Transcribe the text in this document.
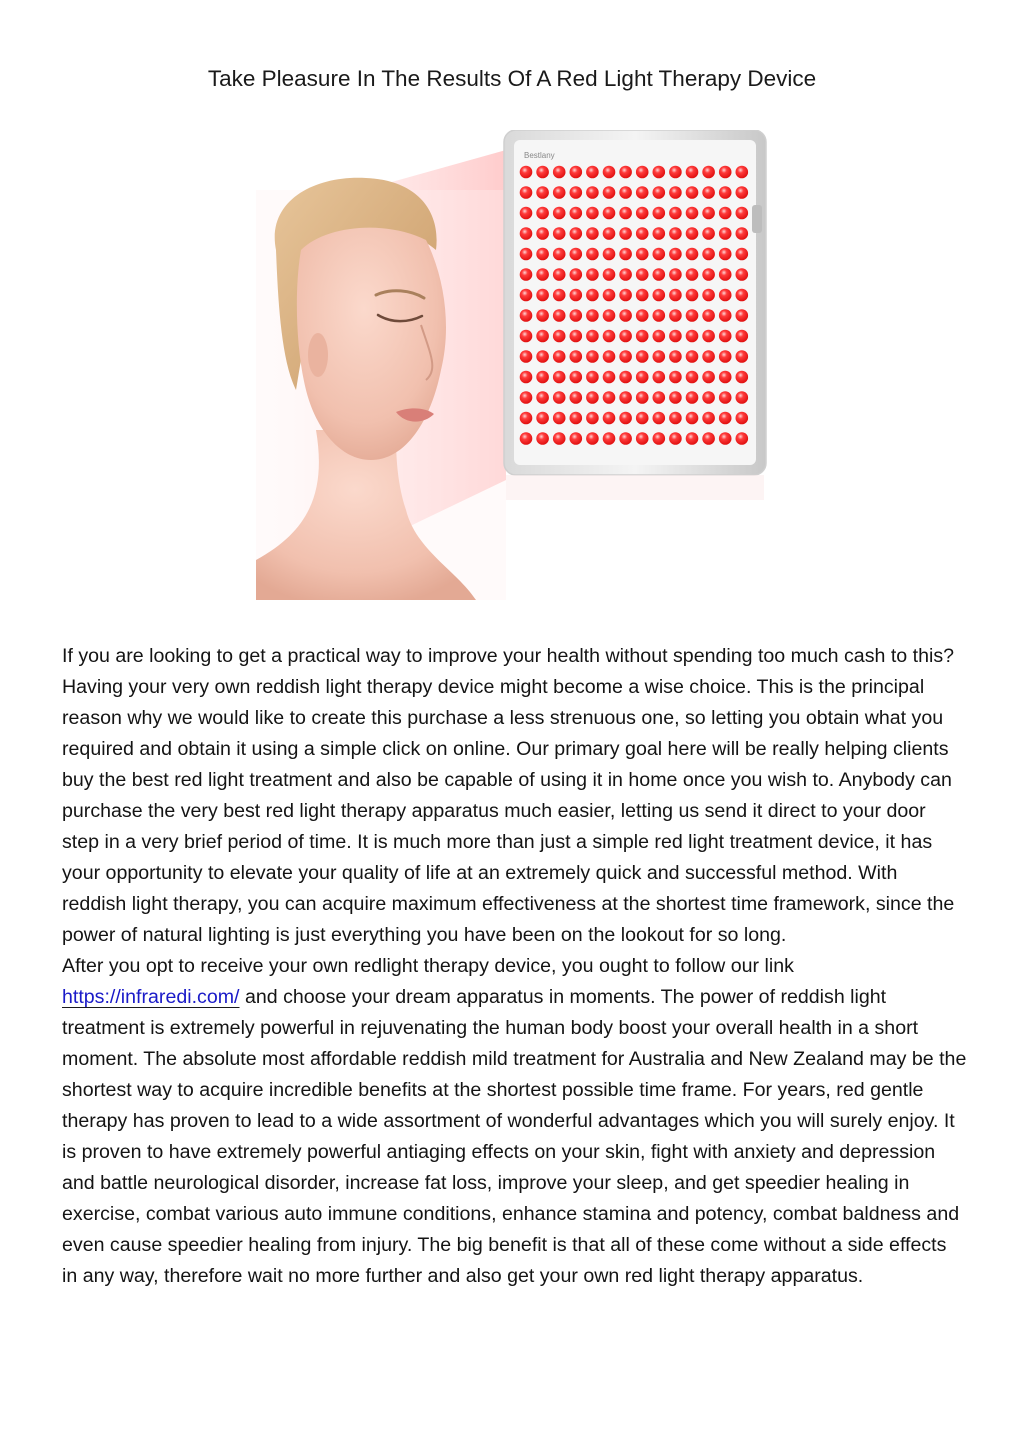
Take Pleasure In The Results Of A Red Light Therapy Device
Bestlany

If you are looking to get a practical way to improve your health without spending too much cash to this? Having your very own reddish light therapy device might become a wise choice. This is the principal reason why we would like to create this purchase a less strenuous one, so letting you obtain what you required and obtain it using a simple click on online. Our primary goal here will be really helping clients buy the best red light treatment and also be capable of using it in home once you wish to. Anybody can purchase the very best red light therapy apparatus much easier, letting us send it direct to your door step in a very brief period of time. It is much more than just a simple red light treatment device, it has your opportunity to elevate your quality of life at an extremely quick and successful method. With reddish light therapy, you can acquire maximum effectiveness at the shortest time framework, since the power of natural lighting is just everything you have been on the lookout for so long.

After you opt to receive your own redlight therapy device, you ought to follow our link https://infraredi.com/ and choose your dream apparatus in moments. The power of reddish light treatment is extremely powerful in rejuvenating the human body boost your overall health in a short moment. The absolute most affordable reddish mild treatment for Australia and New Zealand may be the shortest way to acquire incredible benefits at the shortest possible time frame. For years, red gentle therapy has proven to lead to a wide assortment of wonderful advantages which you will surely enjoy. It is proven to have extremely powerful antiaging effects on your skin, fight with anxiety and depression and battle neurological disorder, increase fat loss, improve your sleep, and get speedier healing in exercise, combat various auto immune conditions, enhance stamina and potency, combat baldness and even cause speedier healing from injury. The big benefit is that all of these come without a side effects in any way, therefore wait no more further and also get your own red light therapy apparatus.
